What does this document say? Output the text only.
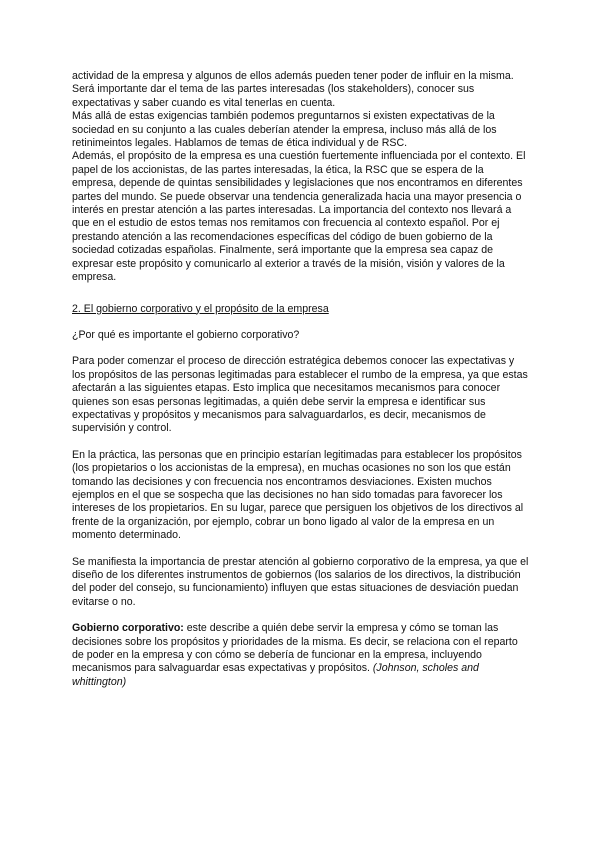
actividad de la empresa y algunos de ellos además pueden tener poder de influir en la misma.

Será importante dar el tema de las partes interesadas (los stakeholders), conocer sus expectativas y saber cuando es vital tenerlas en cuenta.

Más allá de estas exigencias también podemos preguntarnos si existen expectativas de la sociedad en su conjunto a las cuales deberían atender la empresa, incluso más allá de los retinimeintos legales. Hablamos de temas de ética individual y de RSC.

Además, el propósito de la empresa es una cuestión fuertemente influenciada por el contexto. El papel de los accionistas, de las partes interesadas, la ética, la RSC que se espera de la empresa, depende de quintas sensibilidades y legislaciones que nos encontramos en diferentes partes del mundo. Se puede observar una tendencia generalizada hacia una mayor presencia o interés en prestar atención a las partes interesadas. La importancia del contexto nos llevará a que en el estudio de estos temas nos remitamos con frecuencia al contexto español. Por ej prestando atención a las recomendaciones específicas del código de buen gobierno de la sociedad cotizadas españolas. Finalmente, será importante que la empresa sea capaz de expresar este propósito y comunicarlo al exterior a través de la misión, visión y valores de la empresa.

2. El gobierno corporativo y el propósito de la empresa
¿Por qué es importante el gobierno corporativo?

Para poder comenzar el proceso de dirección estratégica debemos conocer las expectativas y los propósitos de las personas legitimadas para establecer el rumbo de la empresa, ya que estas afectarán a las siguientes etapas. Esto implica que necesitamos mecanismos para conocer quienes son esas personas legitimadas, a quién debe servir la empresa e identificar sus expectativas y propósitos y mecanismos para salvaguardarlos, es decir, mecanismos de supervisión y control.

En la práctica, las personas que en principio estarían legitimadas para establecer los propósitos (los propietarios o los accionistas de la empresa), en muchas ocasiones no son los que están tomando las decisiones y con frecuencia nos encontramos desviaciones. Existen muchos ejemplos en el que se sospecha que las decisiones no han sido tomadas para favorecer los intereses de los propietarios. En su lugar, parece que persiguen los objetivos de los directivos al frente de la organización, por ejemplo, cobrar un bono ligado al valor de la empresa en un momento determinado.

Se manifiesta la importancia de prestar atención al gobierno corporativo de la empresa, ya que el diseño de los diferentes instrumentos de gobiernos (los salarios de los directivos, la distribución del poder del consejo, su funcionamiento) influyen que estas situaciones de desviación puedan evitarse o no.

Gobierno corporativo: este describe a quién debe servir la empresa y cómo se toman las decisiones sobre los propósitos y prioridades de la misma. Es decir, se relaciona con el reparto de poder en la empresa y con cómo se debería de funcionar en la empresa, incluyendo mecanismos para salvaguardar esas expectativas y propósitos. (Johnson, scholes and whittington)
